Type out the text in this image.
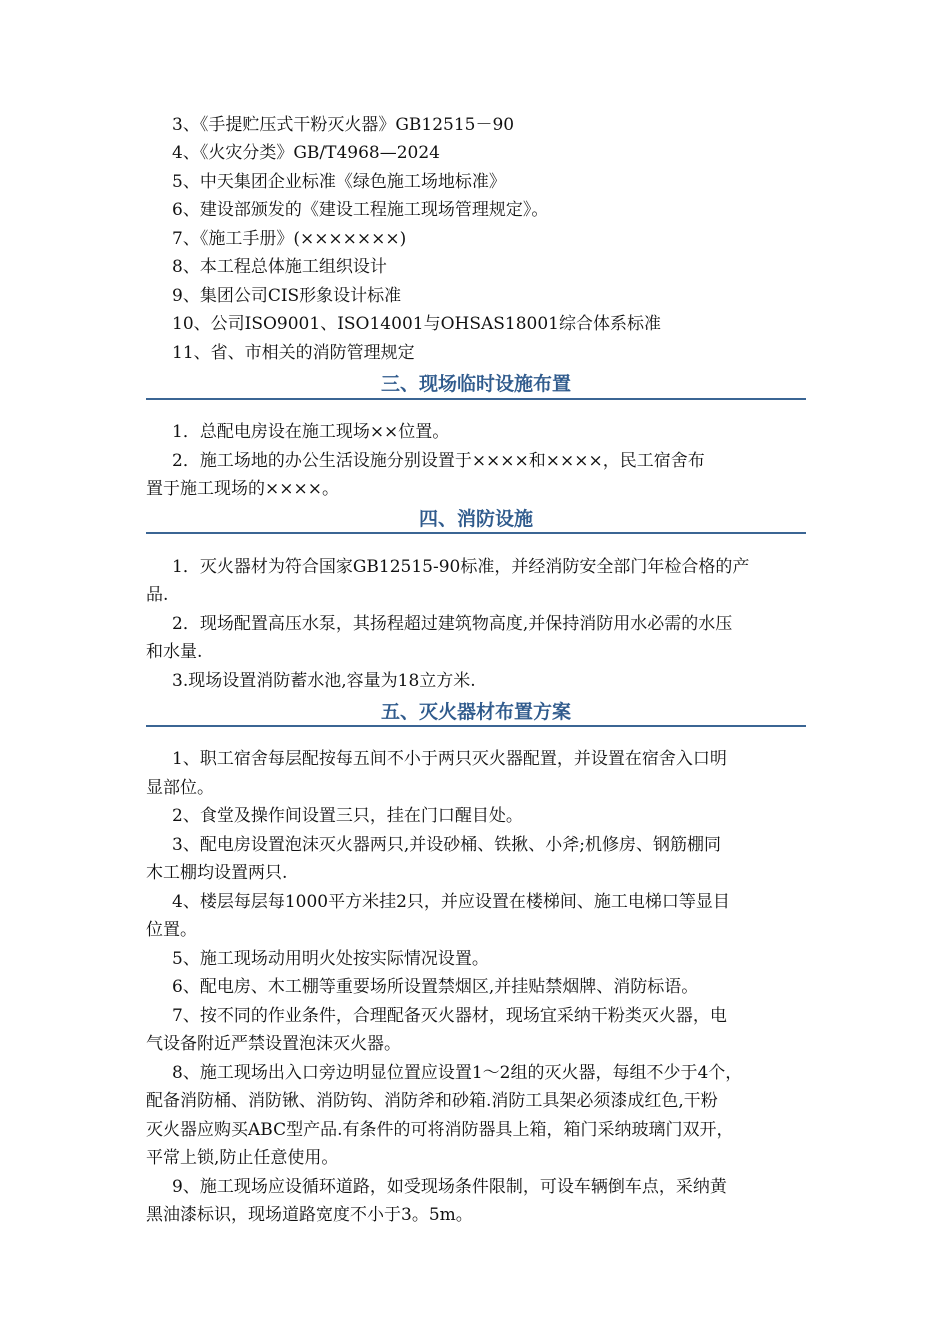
3、《手提贮压式干粉灭火器》GB12515－90
4、《火灾分类》GB/T4968—2024
5、中天集团企业标准《绿色施工场地标准》
6、建设部颁发的《建设工程施工现场管理规定》。
7、《施工手册》(×××××××)
8、本工程总体施工组织设计
9、集团公司CIS形象设计标准
10、公司ISO9001、ISO14001与OHSAS18001综合体系标准
11、省、市相关的消防管理规定
三、现场临时设施布置
1．总配电房设在施工现场××位置。
2．施工场地的办公生活设施分别设置于××××和××××，民工宿舍布
置于施工现场的××××。
四、消防设施
1．灭火器材为符合国家GB12515-90标准，并经消防安全部门年检合格的产
品.
2．现场配置高压水泵，其扬程超过建筑物高度,并保持消防用水必需的水压
和水量.
3.现场设置消防蓄水池,容量为18立方米.
五、灭火器材布置方案
1、职工宿舍每层配按每五间不小于两只灭火器配置，并设置在宿舍入口明
显部位。
2、食堂及操作间设置三只，挂在门口醒目处。
3、配电房设置泡沫灭火器两只,并设砂桶、铁揪、小斧;机修房、钢筋棚同
木工棚均设置两只.
4、楼层每层每1000平方米挂2只，并应设置在楼梯间、施工电梯口等显目
位置。
5、施工现场动用明火处按实际情况设置。
6、配电房、木工棚等重要场所设置禁烟区,并挂贴禁烟牌、消防标语。
7、按不同的作业条件，合理配备灭火器材，现场宜采纳干粉类灭火器，电
气设备附近严禁设置泡沫灭火器。
8、施工现场出入口旁边明显位置应设置1～2组的灭火器，每组不少于4个，
配备消防桶、消防锹、消防钩、消防斧和砂箱.消防工具架必须漆成红色,干粉
灭火器应购买ABC型产品.有条件的可将消防器具上箱，箱门采纳玻璃门双开，
平常上锁,防止任意使用。
9、施工现场应设循环道路，如受现场条件限制，可设车辆倒车点，采纳黄
黑油漆标识，现场道路宽度不小于3。5m。
